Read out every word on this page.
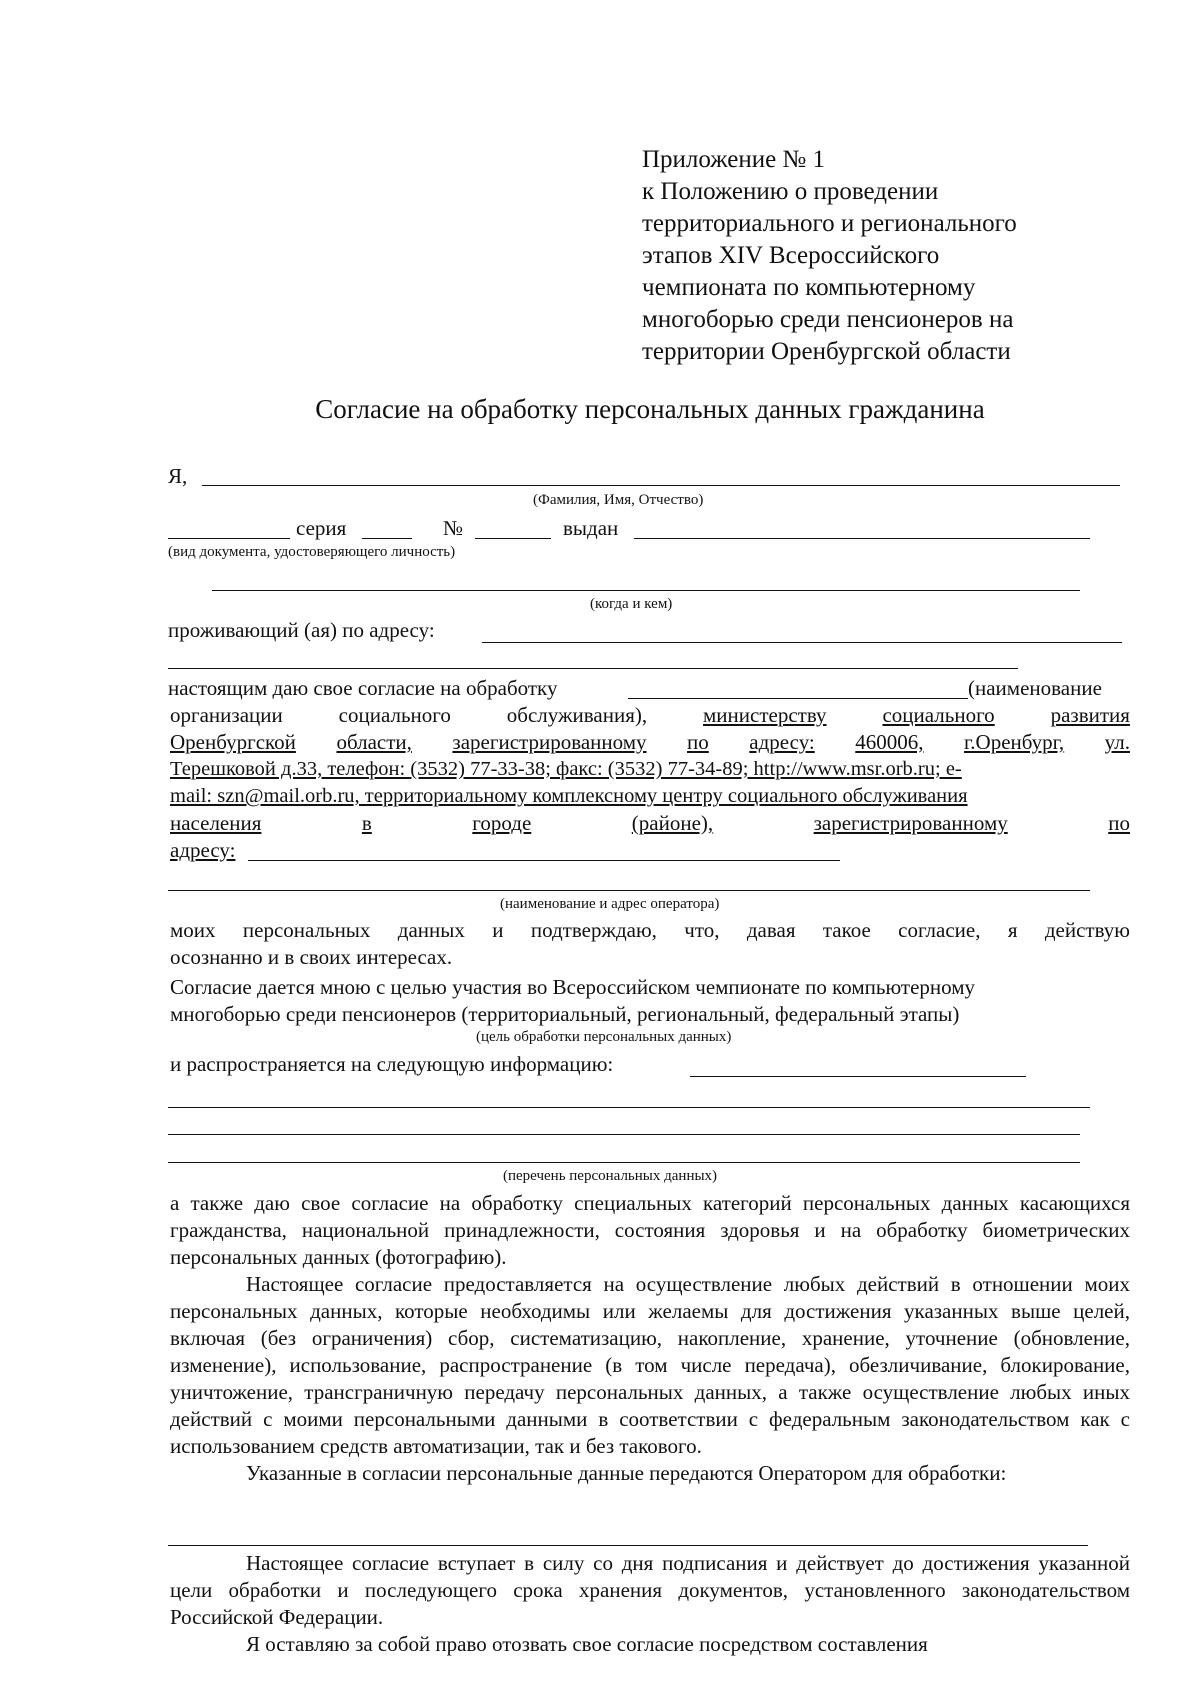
Приложение № 1
к Положению о проведении
территориального и регионального
этапов XIV Всероссийского
чемпионата по компьютерному
многоборью среди пенсионеров на
территории Оренбургской области
Согласие на обработку персональных данных гражданина
Я,
(Фамилия, Имя, Отчество)
серия	№	выдан
(вид документа, удостоверяющего личность)
(когда и кем)
проживающий (ая) по адресу:
настоящим даю свое согласие на обработку	(наименование
организации	социального	обслуживания),	министерству	социального	развития
Оренбургской области, зарегистрированному по адресу: 460006, г.Оренбург, ул.
Терешковой д.33, телефон: (3532) 77-33-38; факс: (3532) 77-34-89; http://www.msr.orb.ru; e-
mail: szn@mail.orb.ru, территориальному комплексному центру социального обслуживания
населения	в	городе	(районе),	зарегистрированному	по
адресу:
(наименование и адрес оператора)
моих персональных данных и подтверждаю, что, давая такое согласие, я действую
осознанно и в своих интересах.
Согласие дается мною с целью участия во Всероссийском чемпионате по компьютерному
многоборью среди пенсионеров (территориальный, региональный, федеральный этапы)
(цель обработки персональных данных)
и распространяется на следующую информацию:
(перечень персональных данных)

а также даю свое согласие на обработку специальных категорий персональных данных касающихся гражданства, национальной принадлежности, состояния здоровья и на обработку биометрических персональных данных (фотографию).

Настоящее согласие предоставляется на осуществление любых действий в отношении моих персональных данных, которые необходимы или желаемы для достижения указанных выше целей, включая (без ограничения) сбор, систематизацию, накопление, хранение, уточнение (обновление, изменение), использование, распространение (в том числе передача), обезличивание, блокирование, уничтожение, трансграничную передачу персональных данных, а также осуществление любых иных действий с моими персональными данными в соответствии с федеральным законодательством как с использованием средств автоматизации, так и без такового.

Указанные в согласии персональные данные передаются Оператором для обработки:

Настоящее согласие вступает в силу со дня подписания и действует до достижения указанной цели обработки и последующего срока хранения документов, установленного законодательством Российской Федерации.

Я оставляю за собой право отозвать свое согласие посредством составления
